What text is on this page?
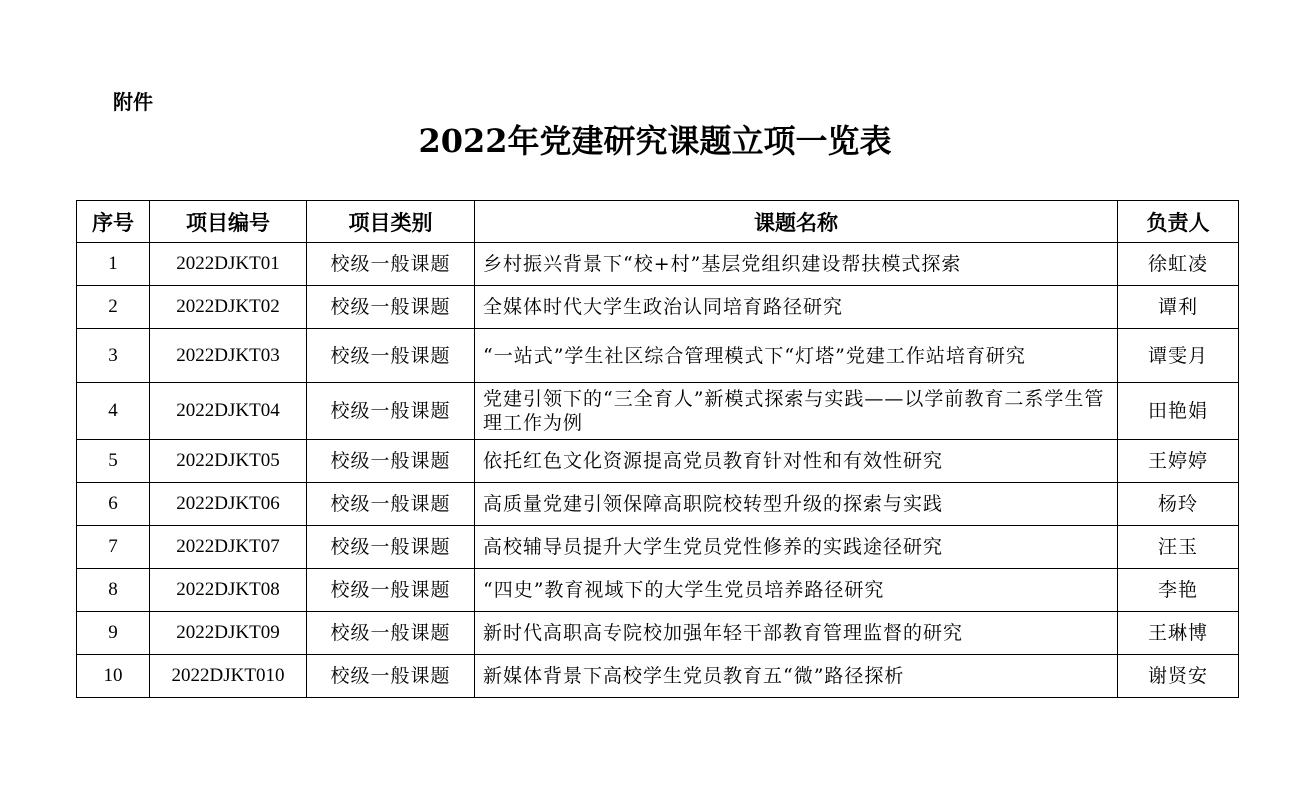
附件
2022年党建研究课题立项一览表
序号	项目编号	项目类别	课题名称	负责人
1	2022DJKT01	校级一般课题	乡村振兴背景下“校+村”基层党组织建设帮扶模式探索	徐虹凌
2	2022DJKT02	校级一般课题	全媒体时代大学生政治认同培育路径研究	谭利
3	2022DJKT03	校级一般课题	“一站式”学生社区综合管理模式下“灯塔”党建工作站培育研究	谭雯月
4	2022DJKT04	校级一般课题	党建引领下的“三全育人”新模式探索与实践——以学前教育二系学生管理工作为例	田艳娟
5	2022DJKT05	校级一般课题	依托红色文化资源提高党员教育针对性和有效性研究	王婷婷
6	2022DJKT06	校级一般课题	高质量党建引领保障高职院校转型升级的探索与实践	杨玲
7	2022DJKT07	校级一般课题	高校辅导员提升大学生党员党性修养的实践途径研究	汪玉
8	2022DJKT08	校级一般课题	“四史”教育视域下的大学生党员培养路径研究	李艳
9	2022DJKT09	校级一般课题	新时代高职高专院校加强年轻干部教育管理监督的研究	王琳博
10	2022DJKT010	校级一般课题	新媒体背景下高校学生党员教育五“微”路径探析	谢贤安
